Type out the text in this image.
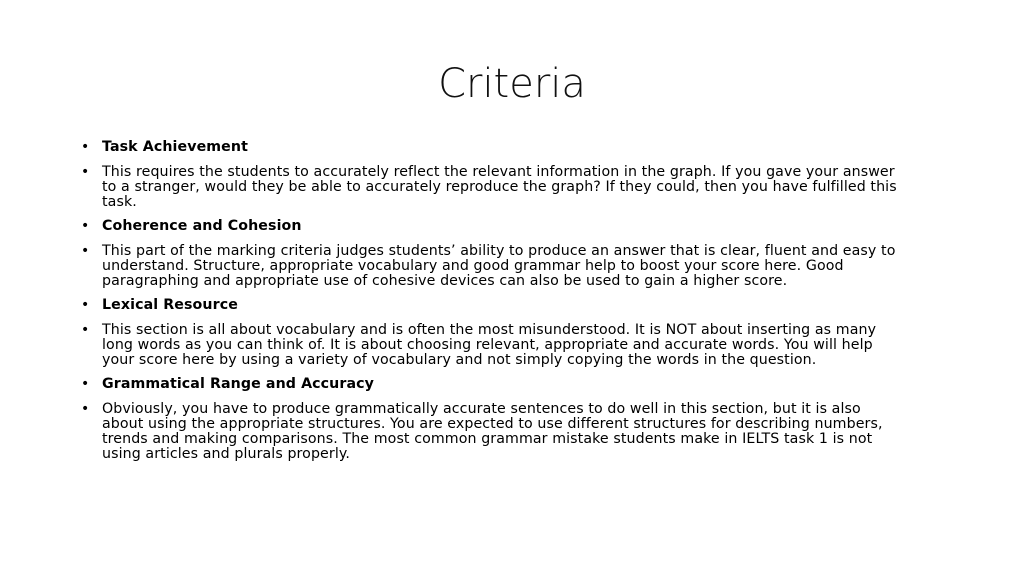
Criteria
• Task Achievement
• This requires the students to accurately reflect the relevant information in the graph. If you gave your answer to a stranger, would they be able to accurately reproduce the graph? If they could, then you have fulfilled this task.
• Coherence and Cohesion
• This part of the marking criteria judges students’ ability to produce an answer that is clear, fluent and easy to understand. Structure, appropriate vocabulary and good grammar help to boost your score here. Good paragraphing and appropriate use of cohesive devices can also be used to gain a higher score.
• Lexical Resource
• This section is all about vocabulary and is often the most misunderstood. It is NOT about inserting as many long words as you can think of. It is about choosing relevant, appropriate and accurate words. You will help your score here by using a variety of vocabulary and not simply copying the words in the question.
• Grammatical Range and Accuracy
• Obviously, you have to produce grammatically accurate sentences to do well in this section, but it is also about using the appropriate structures. You are expected to use different structures for describing numbers, trends and making comparisons. The most common grammar mistake students make in IELTS task 1 is not using articles and plurals properly.
